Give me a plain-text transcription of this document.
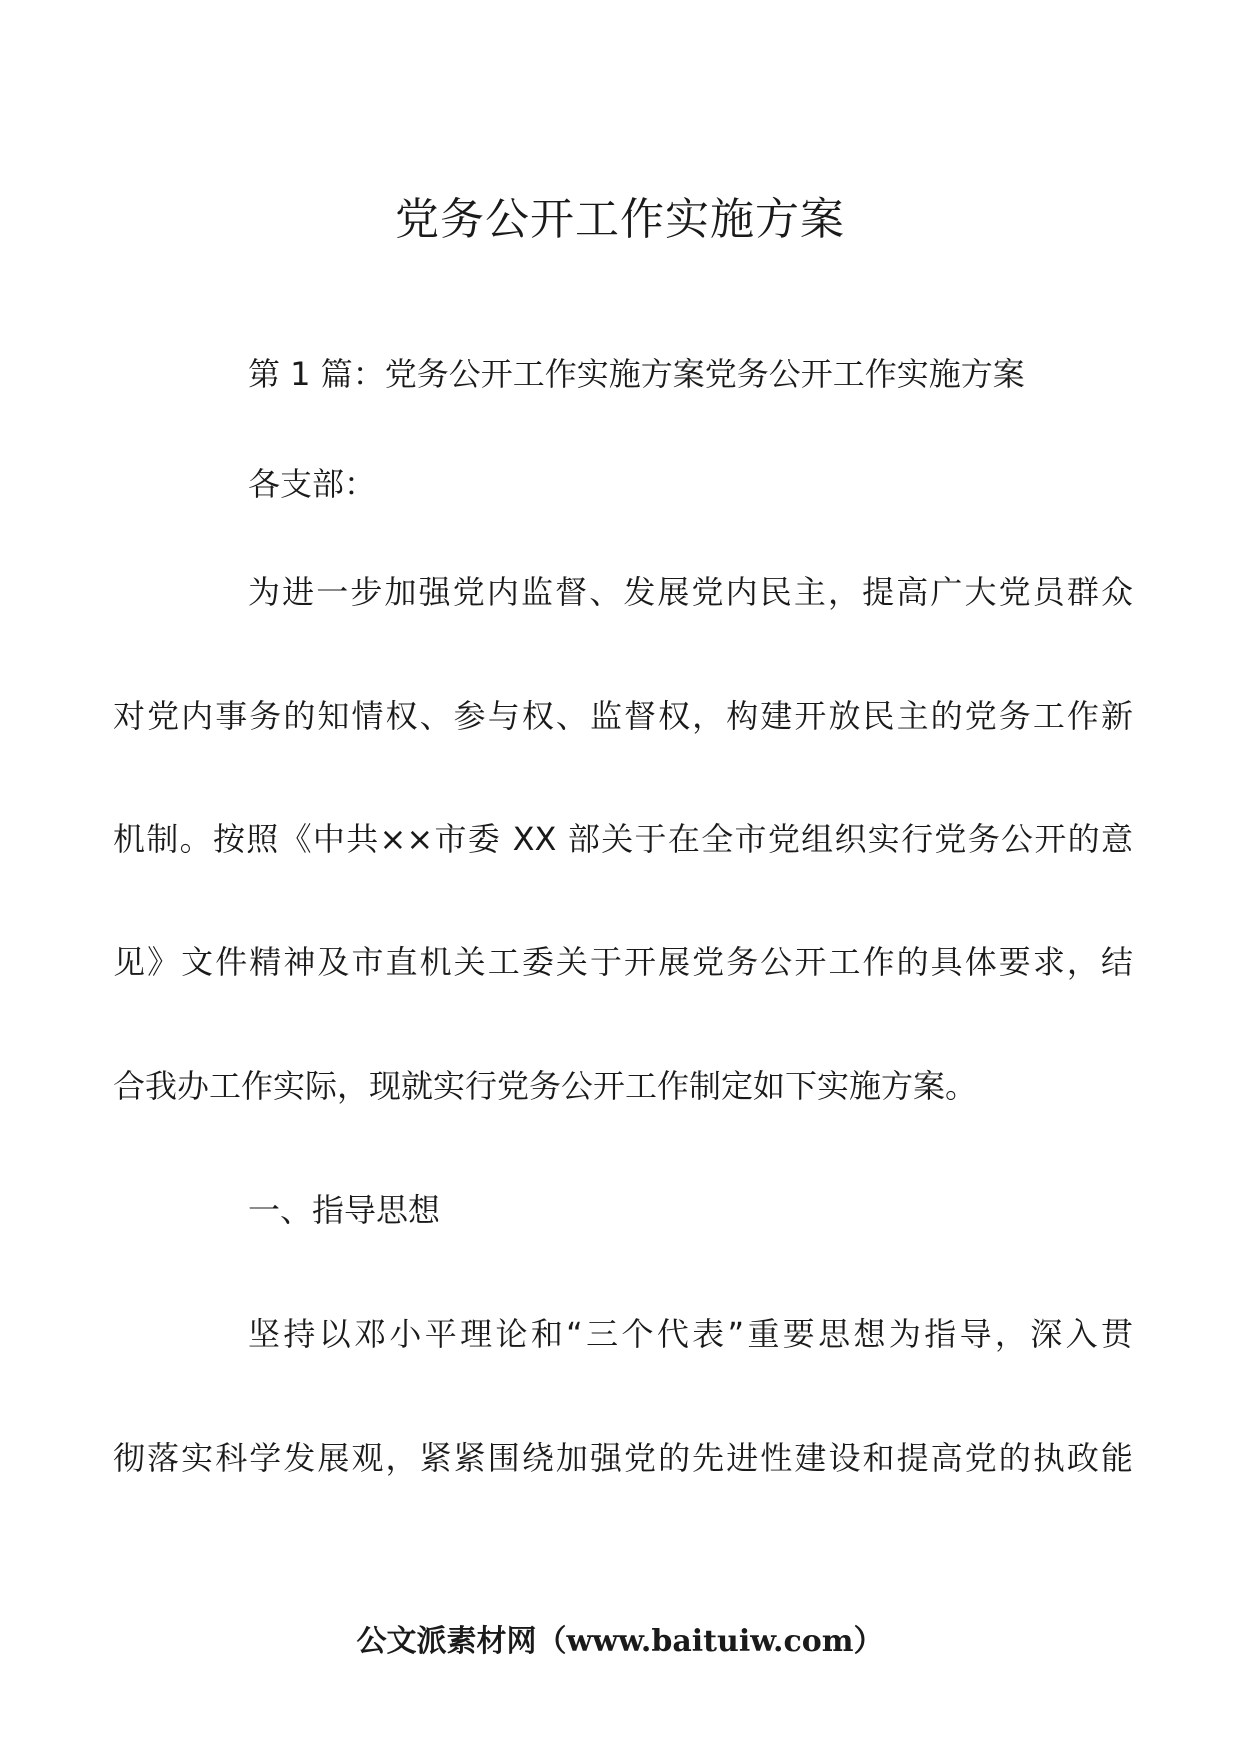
党务公开工作实施方案
第 1 篇：党务公开工作实施方案党务公开工作实施方案
各支部：
为进一步加强党内监督、发展党内民主，提高广大党员群众
对党内事务的知情权、参与权、监督权，构建开放民主的党务工作新
机制。按照《中共××市委 XX 部关于在全市党组织实行党务公开的意
见》文件精神及市直机关工委关于开展党务公开工作的具体要求，结
合我办工作实际，现就实行党务公开工作制定如下实施方案。
一、指导思想
坚持以邓小平理论和“三个代表”重要思想为指导，深入贯
彻落实科学发展观，紧紧围绕加强党的先进性建设和提高党的执政能
公文派素材网（www.baituiw.com）
